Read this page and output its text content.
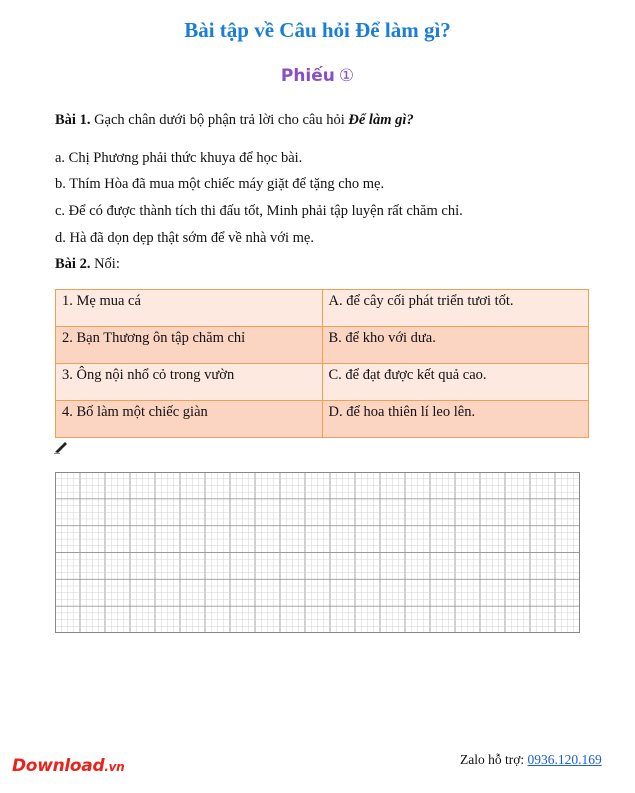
Bài tập về Câu hỏi Để làm gì?
Phiếu ①
Bài 1. Gạch chân dưới bộ phận trả lời cho câu hỏi Để làm gì?
a. Chị Phương phải thức khuya để học bài.
b. Thím Hòa đã mua một chiếc máy giặt để tặng cho mẹ.
c. Để có được thành tích thi đấu tốt, Minh phải tập luyện rất chăm chỉ.
d. Hà đã dọn dẹp thật sớm để về nhà với mẹ.
Bài 2. Nối:
1. Mẹ mua cá	A. để cây cối phát triển tươi tốt.
2. Bạn Thương ôn tập chăm chỉ	B. để kho với dưa.
3. Ông nội nhổ cỏ trong vườn	C. để đạt được kết quả cao.
4. Bố làm một chiếc giàn	D. để hoa thiên lí leo lên.
Download.vn	Zalo hỗ trợ: 0936.120.169
